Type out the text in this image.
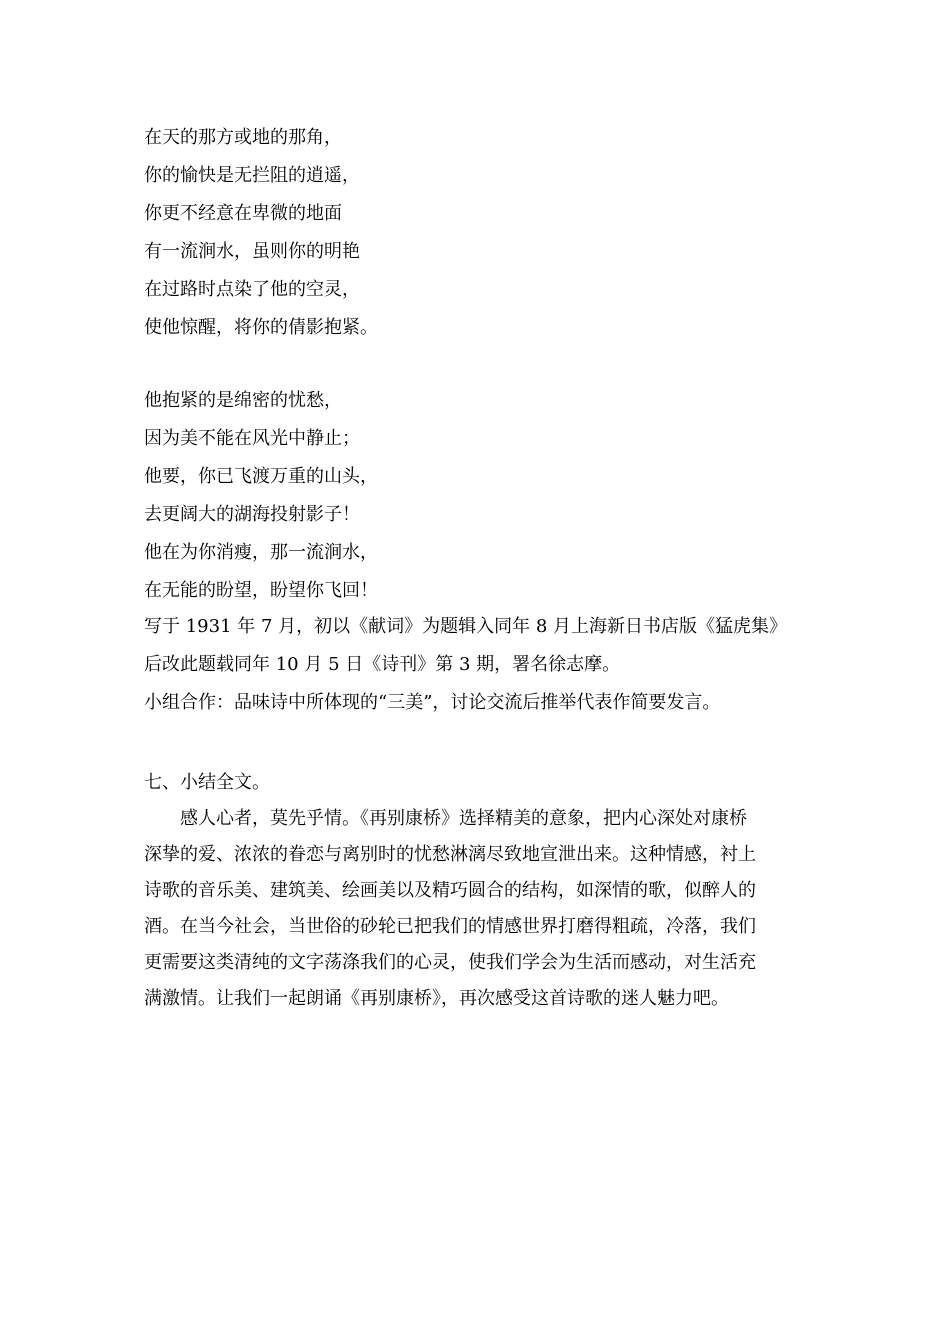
在天的那方或地的那角，
你的愉快是无拦阻的逍遥，
你更不经意在卑微的地面
有一流涧水，虽则你的明艳
在过路时点染了他的空灵，
使他惊醒，将你的倩影抱紧。
他抱紧的是绵密的忧愁，
因为美不能在风光中静止；
他要，你已飞渡万重的山头，
去更阔大的湖海投射影子！
他在为你消瘦，那一流涧水，
在无能的盼望，盼望你飞回！
写于 1931 年 7 月，初以《献词》为题辑入同年 8 月上海新日书店版《猛虎集》
后改此题载同年 10 月 5 日《诗刊》第 3 期，署名徐志摩。
小组合作：品味诗中所体现的“三美”，讨论交流后推举代表作简要发言。
七、小结全文。
感人心者，莫先乎情。《再别康桥》选择精美的意象，把内心深处对康桥
深挚的爱、浓浓的眷恋与离别时的忧愁淋漓尽致地宣泄出来。这种情感，衬上
诗歌的音乐美、建筑美、绘画美以及精巧圆合的结构，如深情的歌，似醉人的
酒。在当今社会，当世俗的砂轮已把我们的情感世界打磨得粗疏，冷落，我们
更需要这类清纯的文字荡涤我们的心灵，使我们学会为生活而感动，对生活充
满激情。让我们一起朗诵《再别康桥》，再次感受这首诗歌的迷人魅力吧。
